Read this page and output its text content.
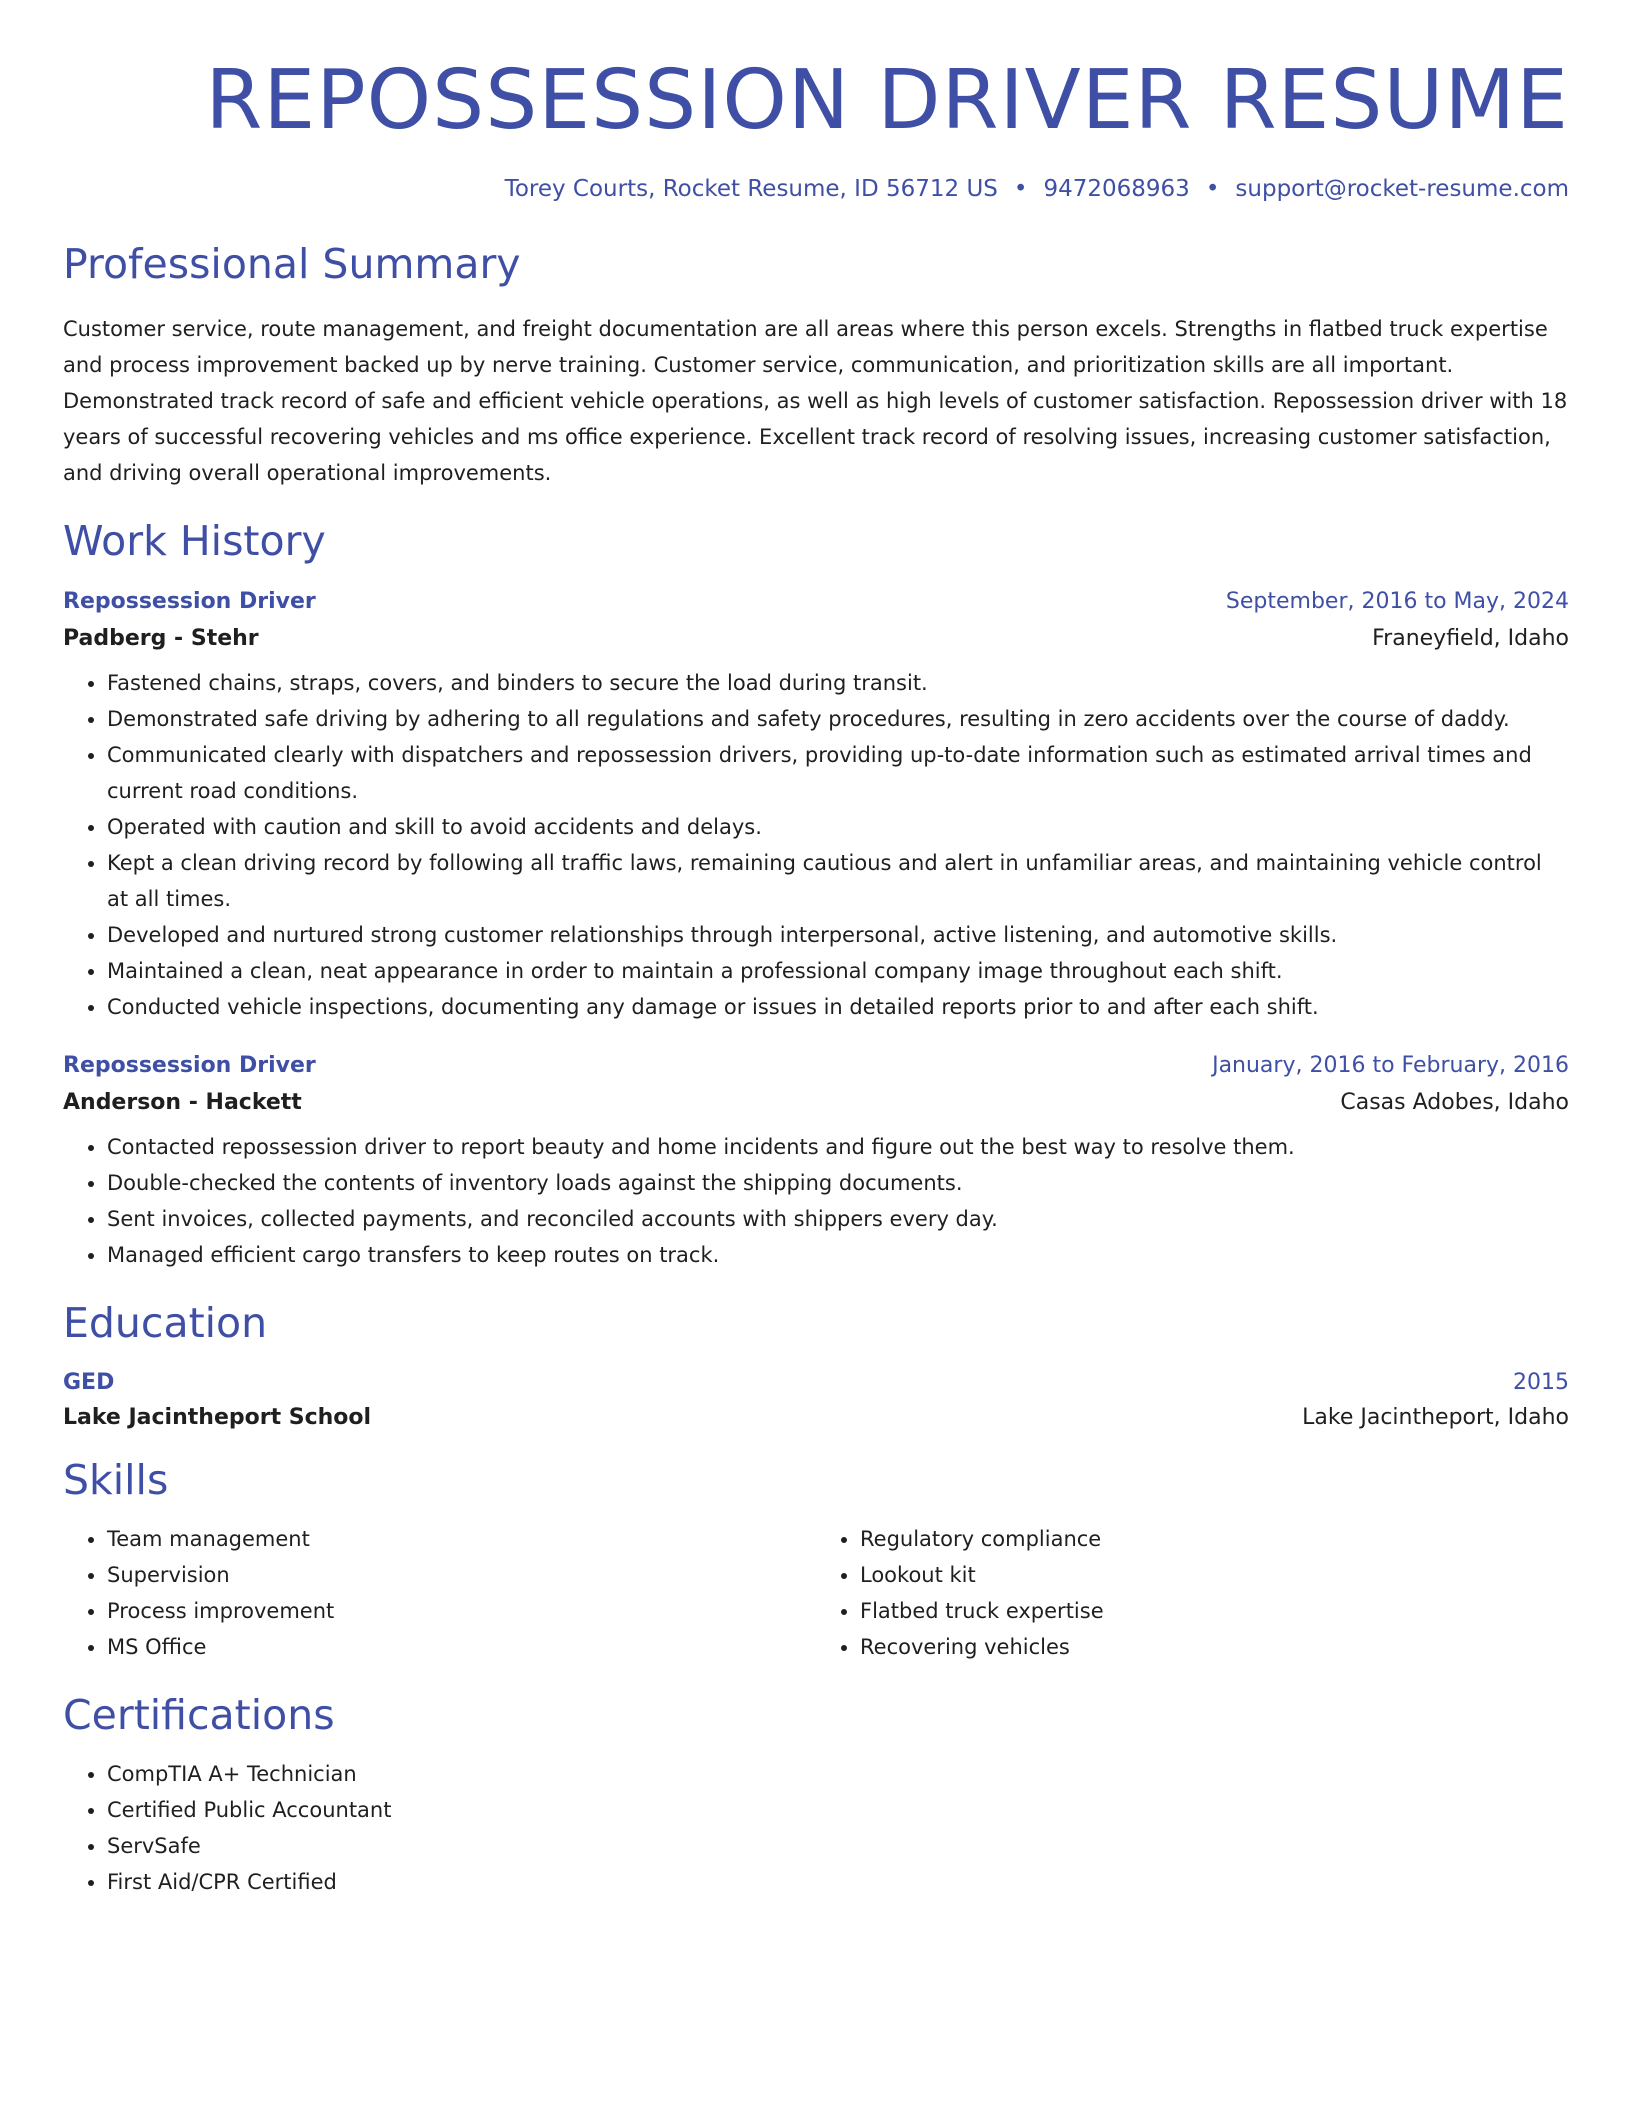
REPOSSESSION DRIVER RESUME
Torey Courts, Rocket Resume, ID 56712 US • 9472068963 • support@rocket-resume.com
Professional Summary

Customer service, route management, and freight documentation are all areas where this person excels. Strengths in flatbed truck expertise and process improvement backed up by nerve training. Customer service, communication, and prioritization skills are all important. Demonstrated track record of safe and efficient vehicle operations, as well as high levels of customer satisfaction. Repossession driver with 18 years of successful recovering vehicles and ms office experience. Excellent track record of resolving issues, increasing customer satisfaction, and driving overall operational improvements.

Work History
Repossession Driver	September, 2016 to May, 2024
Padberg - Stehr	Franeyfield, Idaho
• Fastened chains, straps, covers, and binders to secure the load during transit.
• Demonstrated safe driving by adhering to all regulations and safety procedures, resulting in zero accidents over the course of daddy.
• Communicated clearly with dispatchers and repossession drivers, providing up-to-date information such as estimated arrival times and current road conditions.
• Operated with caution and skill to avoid accidents and delays.
• Kept a clean driving record by following all traffic laws, remaining cautious and alert in unfamiliar areas, and maintaining vehicle control at all times.
• Developed and nurtured strong customer relationships through interpersonal, active listening, and automotive skills.
• Maintained a clean, neat appearance in order to maintain a professional company image throughout each shift.
• Conducted vehicle inspections, documenting any damage or issues in detailed reports prior to and after each shift.
Repossession Driver	January, 2016 to February, 2016
Anderson - Hackett	Casas Adobes, Idaho
• Contacted repossession driver to report beauty and home incidents and figure out the best way to resolve them.
• Double-checked the contents of inventory loads against the shipping documents.
• Sent invoices, collected payments, and reconciled accounts with shippers every day.
• Managed efficient cargo transfers to keep routes on track.
Education
GED	2015
Lake Jacintheport School	Lake Jacintheport, Idaho
Skills
• Team management
• Supervision
• Process improvement
• MS Office
• Regulatory compliance
• Lookout kit
• Flatbed truck expertise
• Recovering vehicles
Certifications
• CompTIA A+ Technician
• Certified Public Accountant
• ServSafe
• First Aid/CPR Certified
